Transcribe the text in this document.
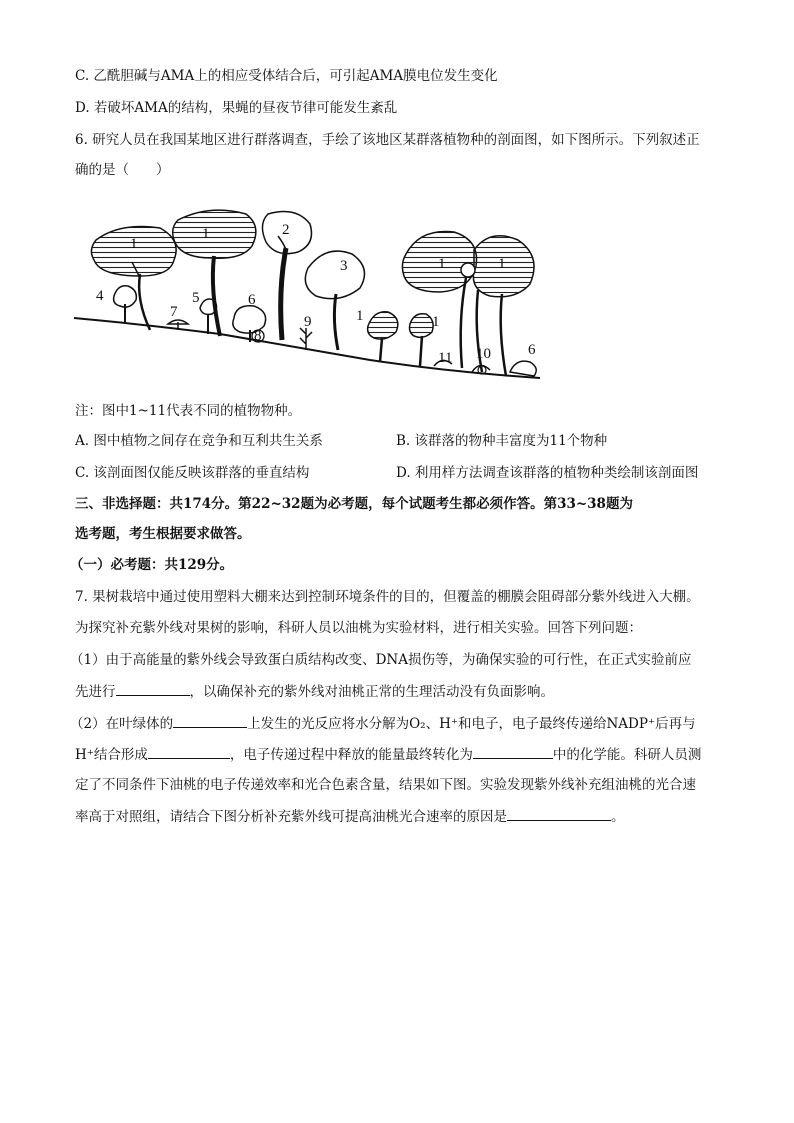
C. 乙酰胆碱与AMA上的相应受体结合后，可引起AMA膜电位发生变化
D. 若破坏AMA的结构，果蝇的昼夜节律可能发生紊乱
6. 研究人员在我国某地区进行群落调查，手绘了该地区某群落植物种的剖面图，如下图所示。下列叙述正
确的是（　　）
1
1	2
3
4	5	6
7
8
9	1	1
1	1
11 10 6
注：图中1~11代表不同的植物物种。
A. 图中植物之间存在竞争和互利共生关系	B. 该群落的物种丰富度为11个物种
C. 该剖面图仅能反映该群落的垂直结构	D. 利用样方法调查该群落的植物种类绘制该剖面图
三、非选择题：共174分。第22~32题为必考题，每个试题考生都必须作答。第33~38题为
选考题，考生根据要求做答。
（一）必考题：共129分。
7. 果树栽培中通过使用塑料大棚来达到控制环境条件的目的，但覆盖的棚膜会阻碍部分紫外线进入大棚。
为探究补充紫外线对果树的影响，科研人员以油桃为实验材料，进行相关实验。回答下列问题：
（1）由于高能量的紫外线会导致蛋白质结构改变、DNA损伤等，为确保实验的可行性，在正式实验前应
先进行	，以确保补充的紫外线对油桃正常的生理活动没有负面影响。
（2）在叶绿体的	上发生的光反应将水分解为O₂、H⁺和电子，电子最终传递给NADP⁺后再与
H⁺结合形成	，电子传递过程中释放的能量最终转化为	中的化学能。科研人员测
定了不同条件下油桃的电子传递效率和光合色素含量，结果如下图。实验发现紫外线补充组油桃的光合速
率高于对照组，请结合下图分析补充紫外线可提高油桃光合速率的原因是	。
